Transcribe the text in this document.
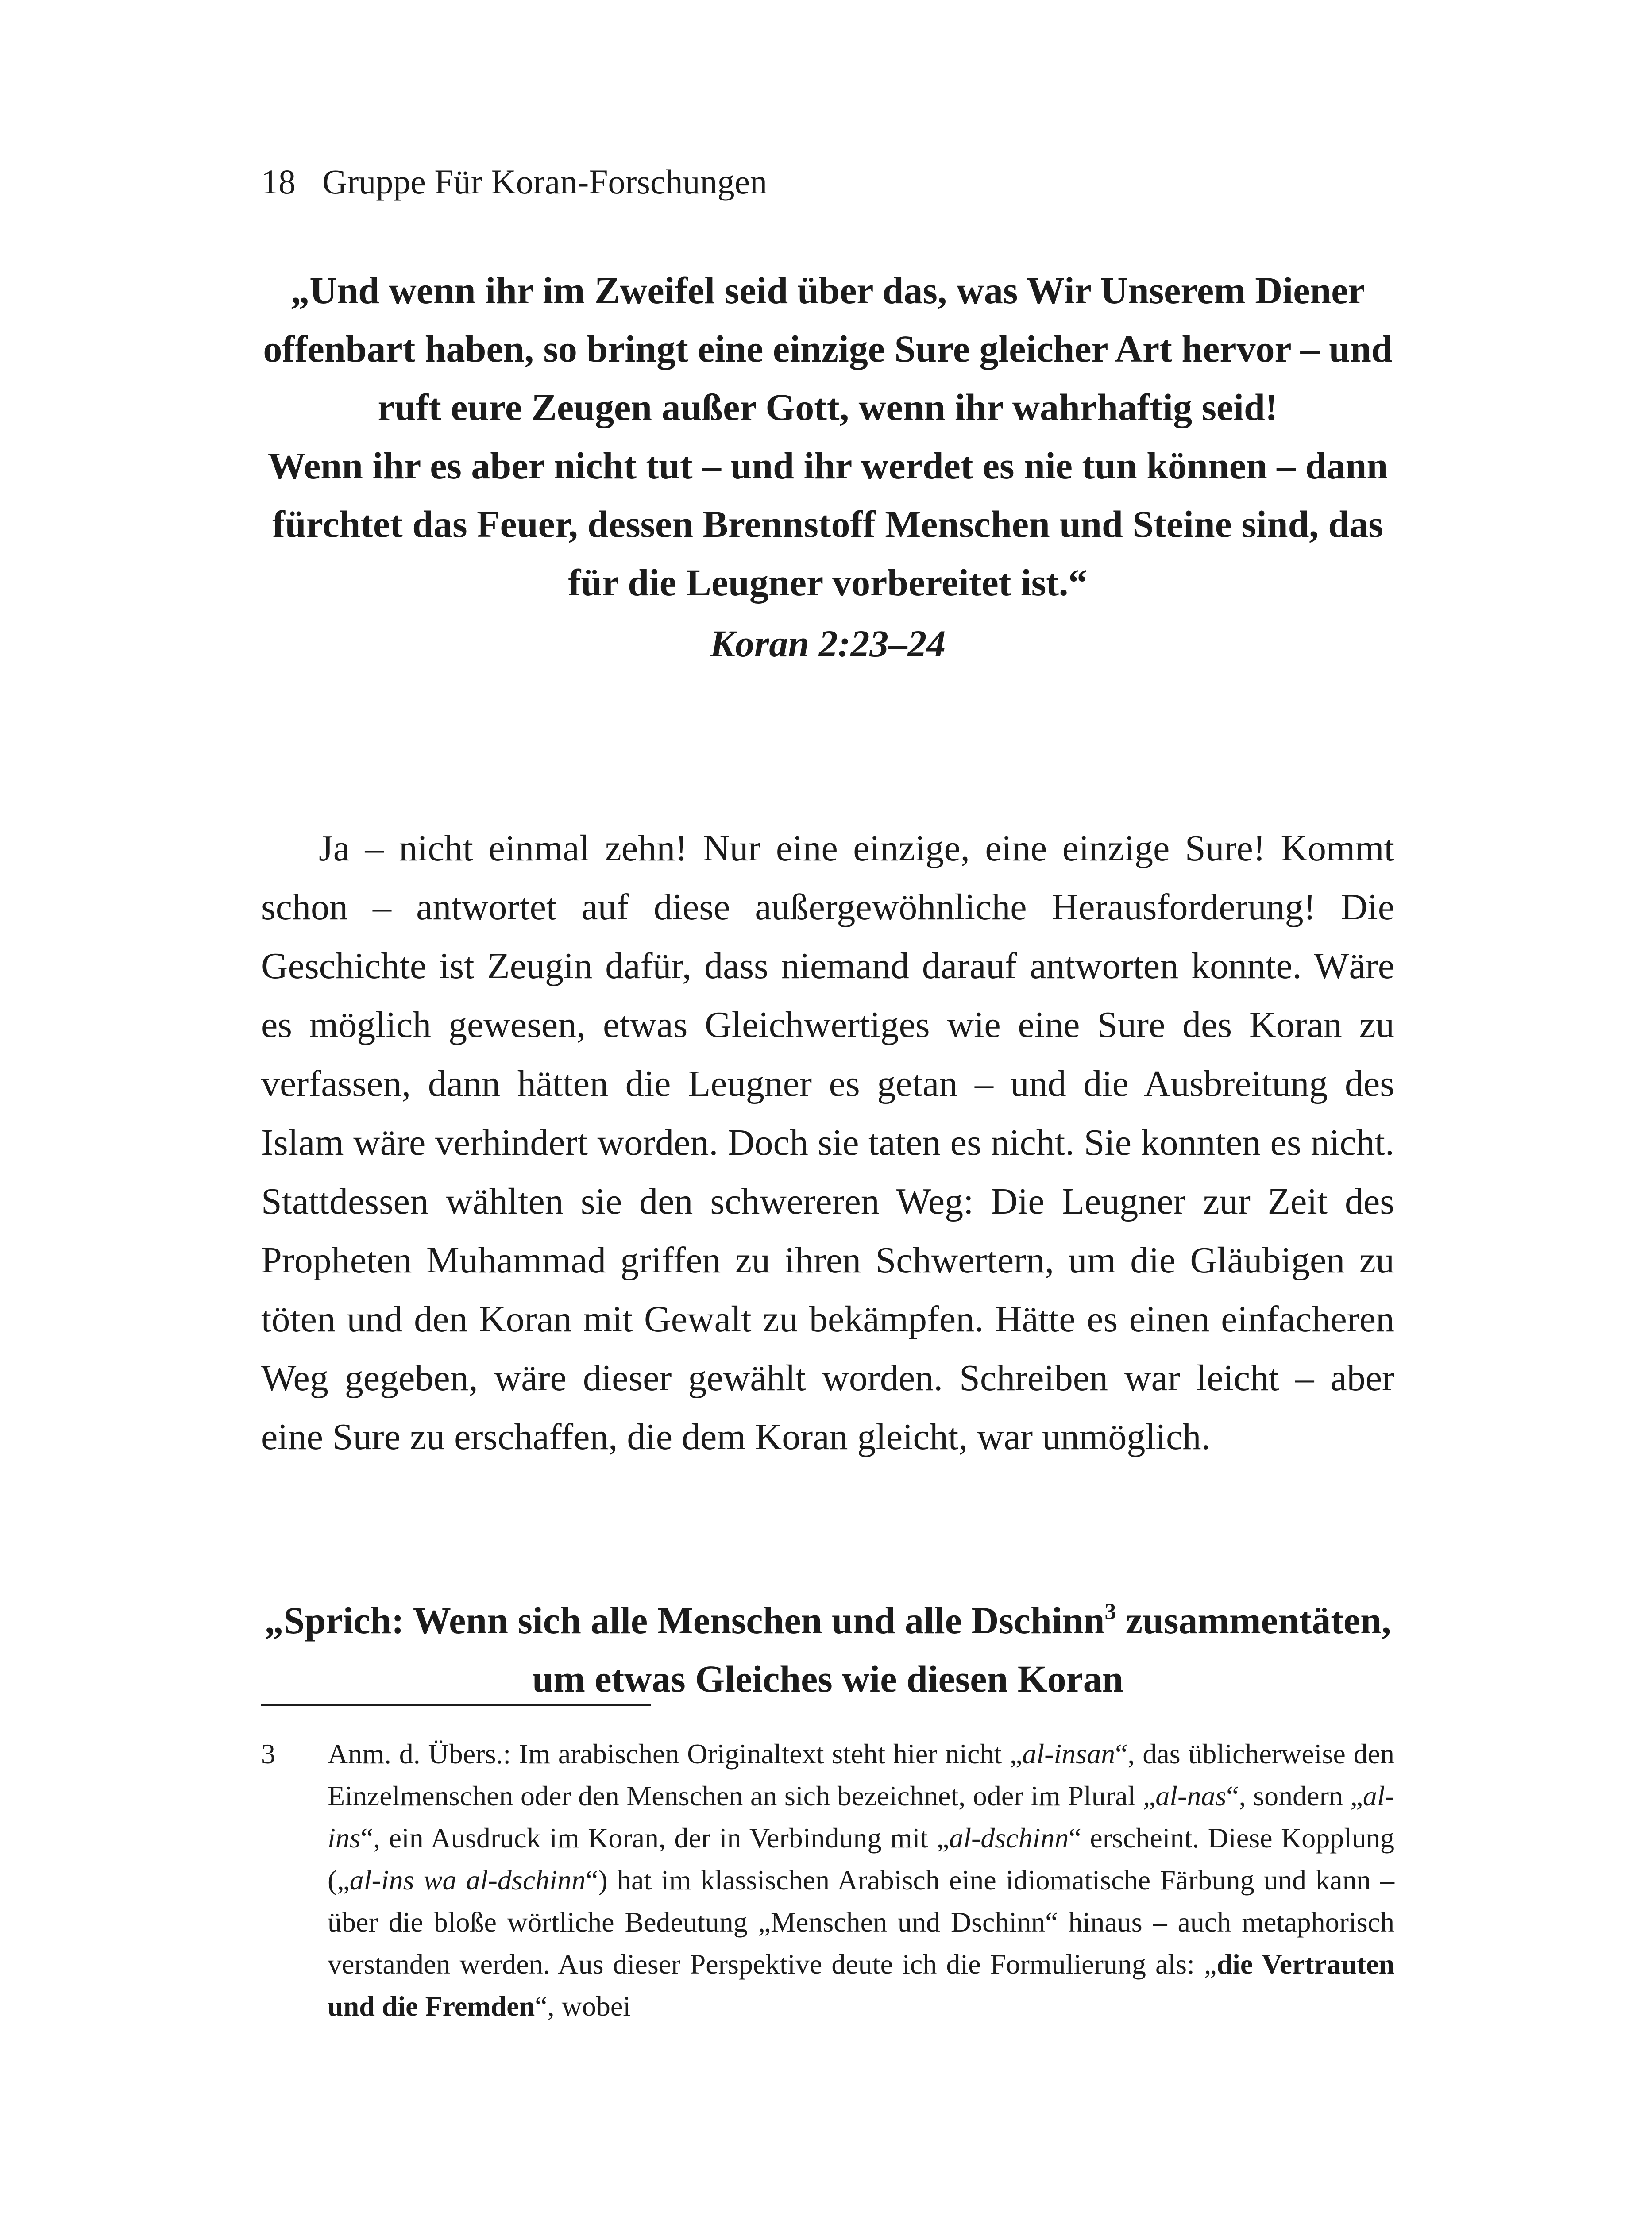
18 Gruppe Für Koran-Forschungen

„Und wenn ihr im Zweifel seid über das, was Wir Unserem Diener offenbart haben, so bringt eine einzige Sure gleicher Art hervor – und ruft eure Zeugen außer Gott, wenn ihr wahrhaftig seid!

Wenn ihr es aber nicht tut – und ihr werdet es nie tun können – dann fürchtet das Feuer, dessen Brennstoff Menschen und Steine sind, das für die Leugner vorbereitet ist.“

Koran 2:23–24

Ja – nicht einmal zehn! Nur eine einzige, eine einzige Sure! Kommt schon – antwortet auf diese außergewöhnliche Herausforderung! Die Geschichte ist Zeugin dafür, dass niemand darauf antworten konnte. Wäre es möglich gewesen, etwas Gleichwertiges wie eine Sure des Koran zu verfassen, dann hätten die Leugner es getan – und die Ausbreitung des Islam wäre verhindert worden. Doch sie taten es nicht. Sie konnten es nicht. Stattdessen wählten sie den schwereren Weg: Die Leugner zur Zeit des Propheten Muhammad griffen zu ihren Schwertern, um die Gläubigen zu töten und den Koran mit Gewalt zu bekämpfen. Hätte es einen einfacheren Weg gegeben, wäre dieser gewählt worden. Schreiben war leicht – aber eine Sure zu erschaffen, die dem Koran gleicht, war unmöglich.

„Sprich: Wenn sich alle Menschen und alle Dschinn$^3$ zusammentäten, um etwas Gleiches wie diesen Koran

3 Anm. d. Übers.: Im arabischen Originaltext steht hier nicht „al-insan“, das üblicherweise den Einzelmenschen oder den Menschen an sich bezeichnet, oder im Plural „al-nas“, sondern „al-ins“, ein Ausdruck im Koran, der in Verbindung mit „al-dschinn“ erscheint. Diese Kopplung („al-ins wa al-dschinn“) hat im klassischen Arabisch eine idiomatische Färbung und kann – über die bloße wörtliche Bedeutung „Menschen und Dschinn“ hinaus – auch metaphorisch verstanden werden. Aus dieser Perspektive deute ich die Formulierung als: „die Vertrauten und die Fremden“, wobei
